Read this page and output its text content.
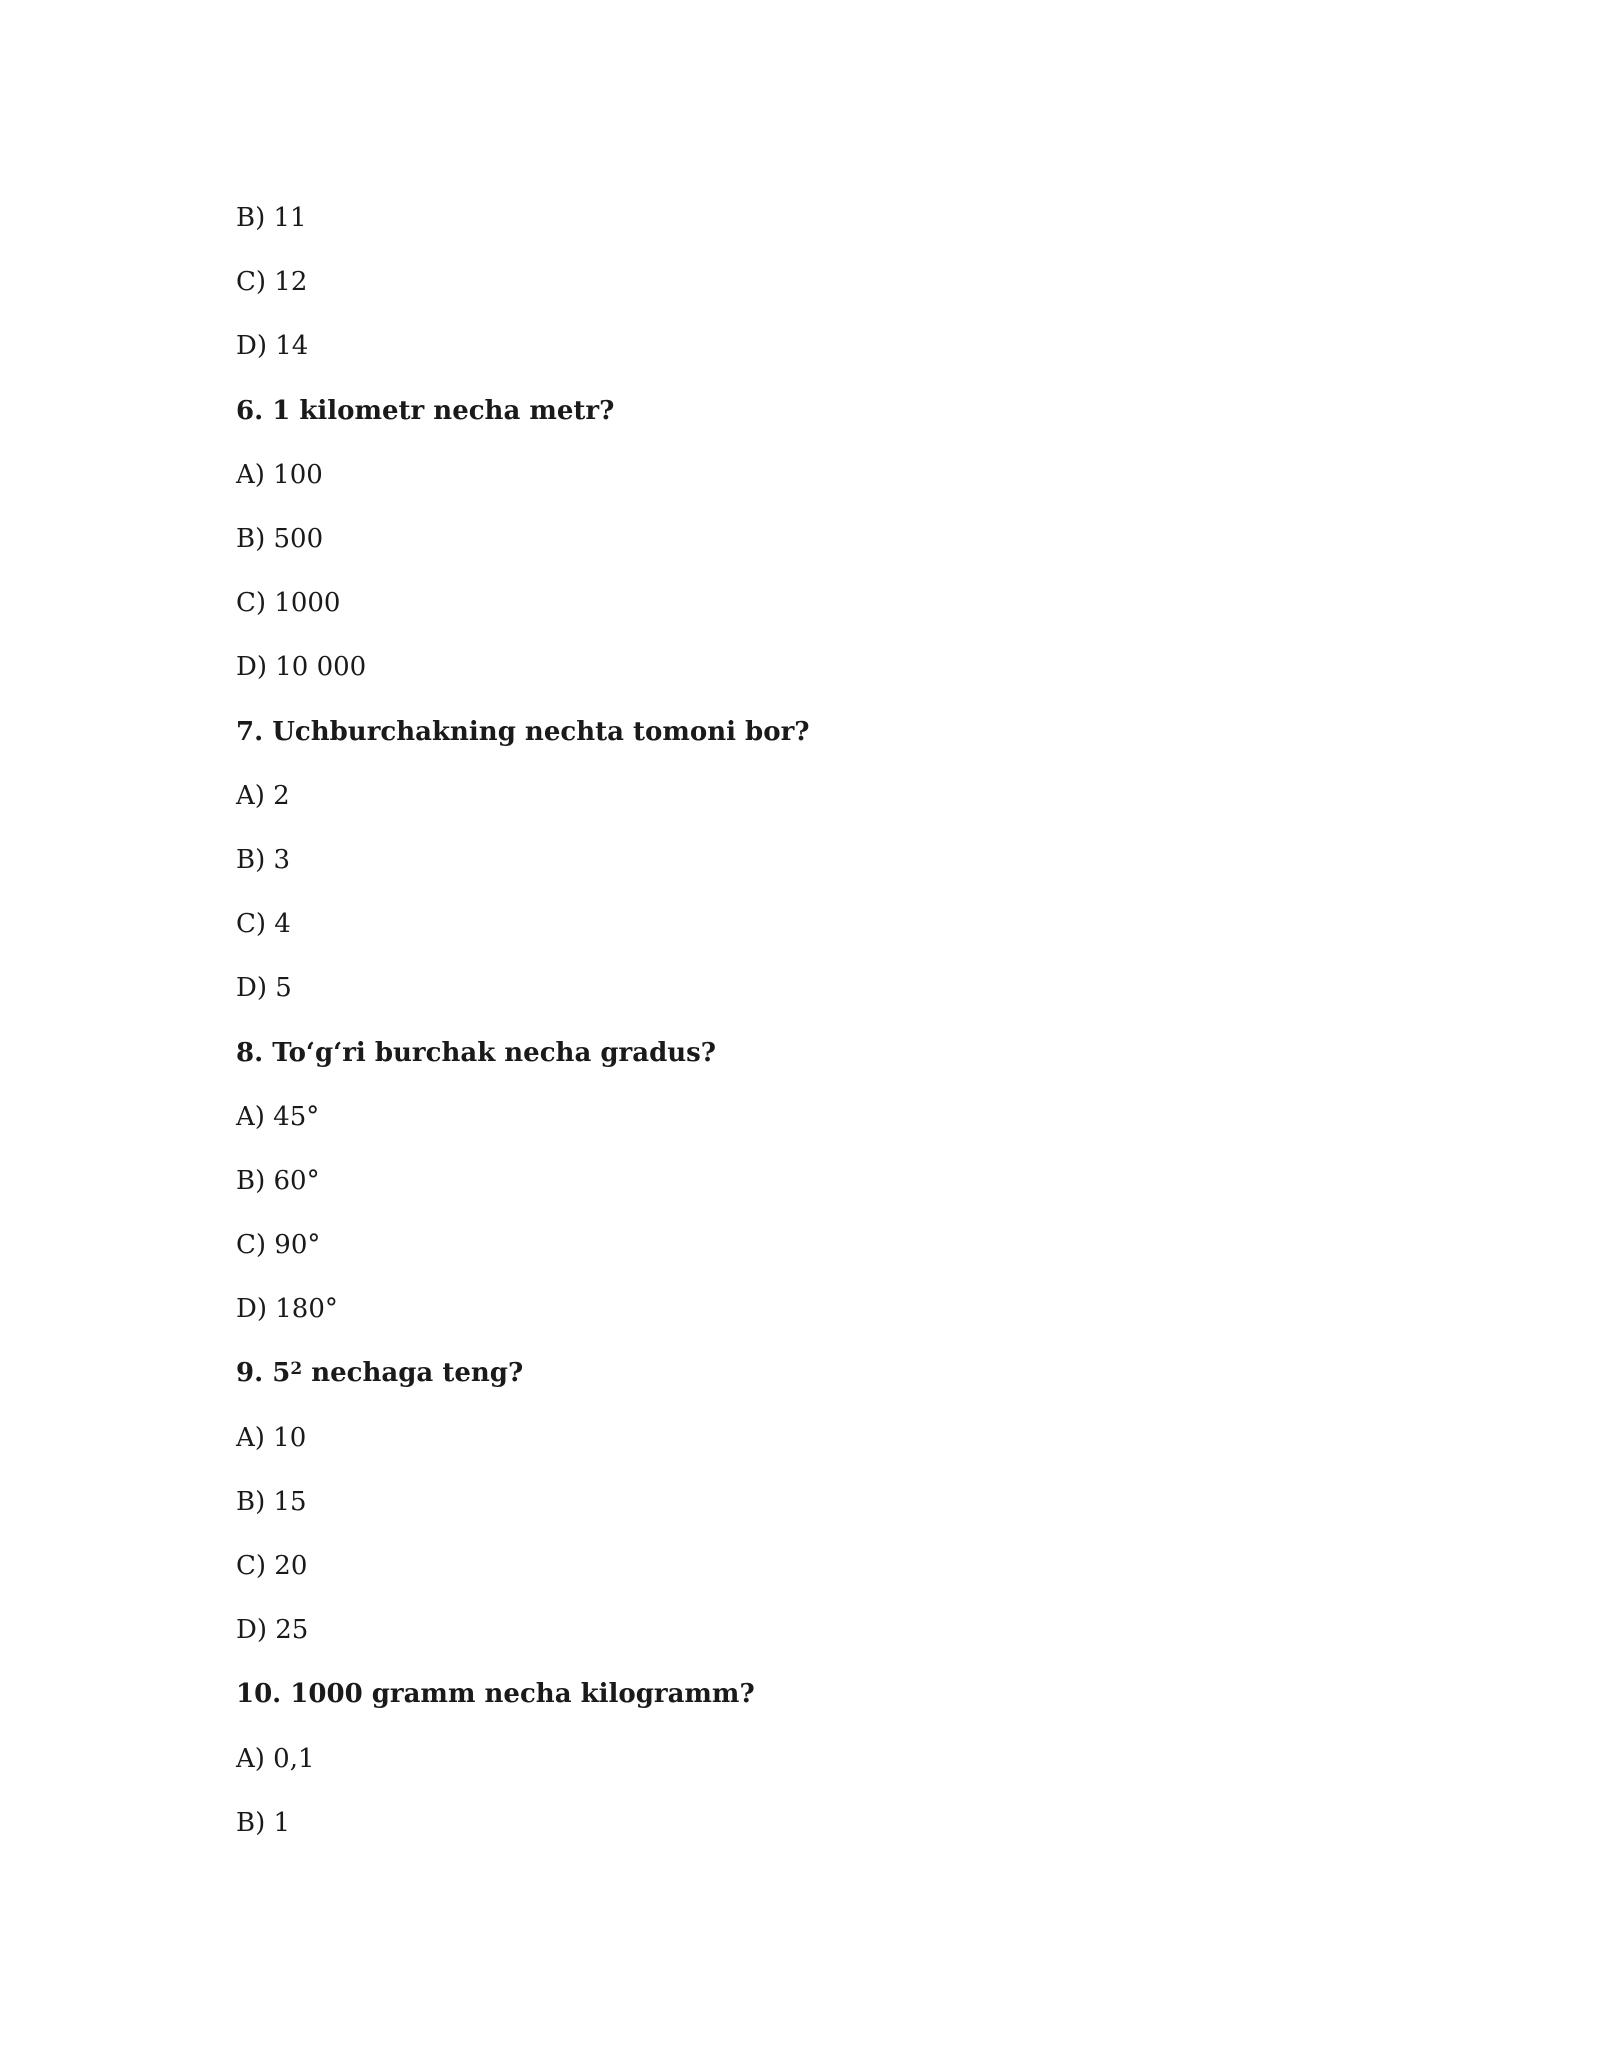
B) 11
C) 12
D) 14
6.
1 kilometr necha metr?
A) 100
B) 500
C) 1000
D) 10 000
7.
Uchburchakning nechta tomoni bor?
A) 2
B) 3
C) 4
D) 5
8.
To‘g‘ri burchak necha gradus?
A) 45°
B) 60°
C) 90°
D) 180°
9.
$5^2$
nechaga teng?
A) 10
B) 15
C) 20
D) 25
10.
1000 gramm necha kilogramm?
A) 0,1
B) 1
